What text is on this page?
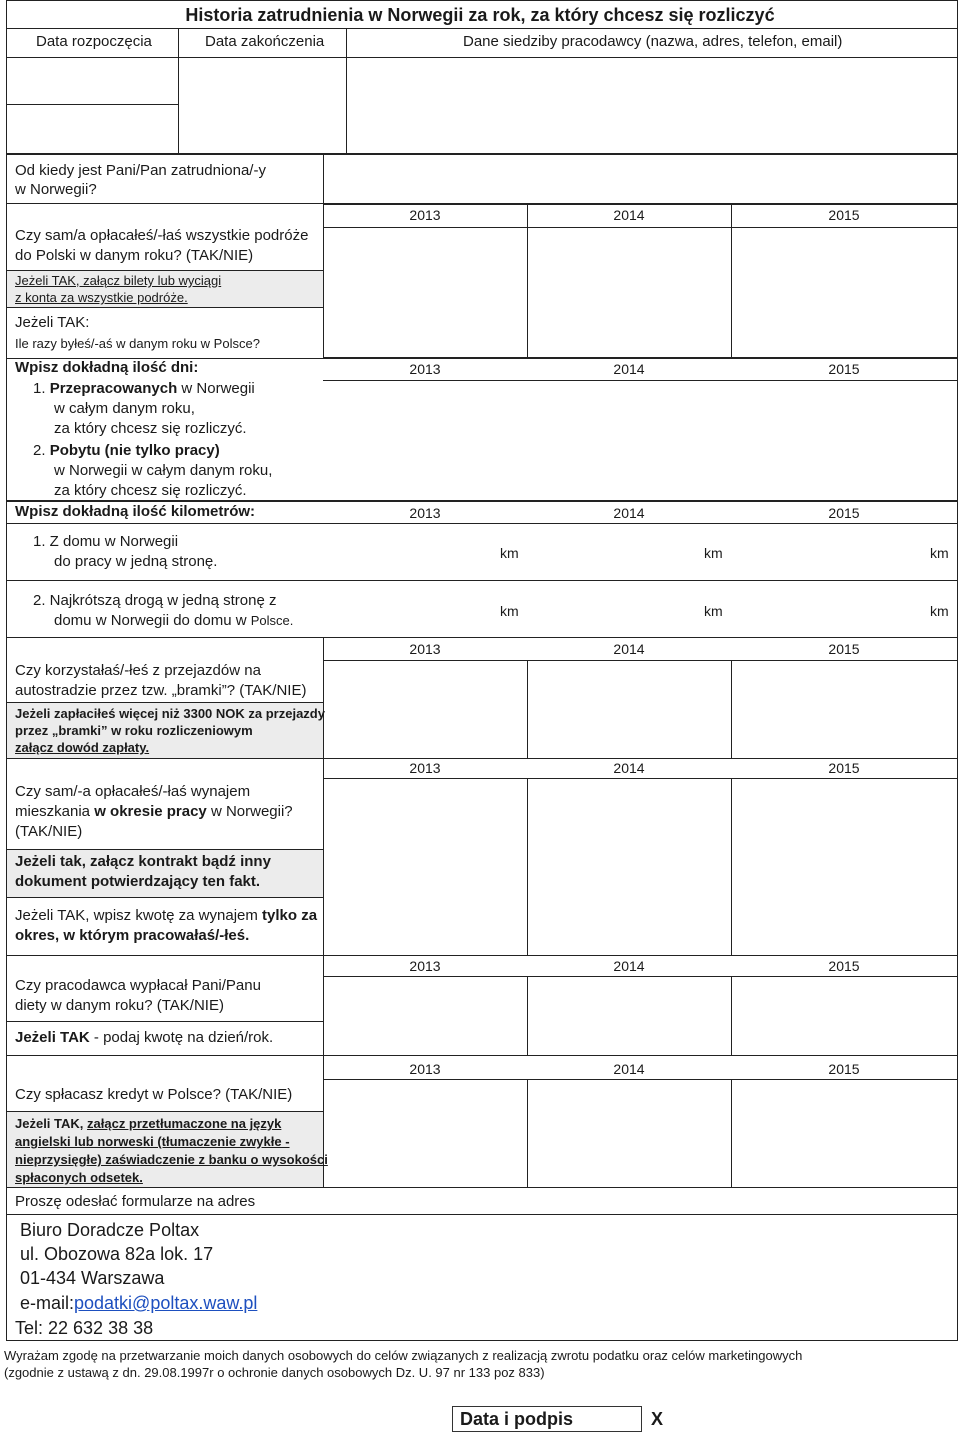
Historia zatrudnienia w Norwegii za rok, za który chcesz się rozliczyć
Data rozpoczęcia	Data zakończenia	Dane siedziby pracodawcy (nazwa, adres, telefon, email)
Od kiedy jest Pani/Pan zatrudniona/-y
w Norwegii?
2013	2014	2015
Czy sam/a opłacałeś/-łaś wszystkie podróże
do Polski w danym roku? (TAK/NIE)
Jeżeli TAK, załącz bilety lub wyciągi
z konta za wszystkie podróże.
Jeżeli TAK:
Ile razy byłeś/-aś w danym roku w Polsce?
Wpisz dokładną ilość dni:	2013	2014	2015
1. Przepracowanych w Norwegii
w całym danym roku,
za który chcesz się rozliczyć.
2. Pobytu (nie tylko pracy)
w Norwegii w całym danym roku,
za który chcesz się rozliczyć.
Wpisz dokładną ilość kilometrów:	2013	2014	2015
1. Z domu w Norwegii
do pracy w jedną stronę.	km	km	km
2. Najkrótszą drogą w jedną stronę z
domu w Norwegii do domu w Polsce.
km	km	km
2013	2014	2015
Czy korzystałaś/-łeś z przejazdów na
autostradzie przez tzw. „bramki”? (TAK/NIE)
Jeżeli zapłaciłeś więcej niż 3300 NOK za przejazdy
przez „bramki” w roku rozliczeniowym
załącz dowód zapłaty.
2013	2014	2015
Czy sam/-a opłacałeś/-łaś wynajem
mieszkania w okresie pracy w Norwegii?
(TAK/NIE)
Jeżeli tak, załącz kontrakt bądź inny
dokument potwierdzający ten fakt.
Jeżeli TAK, wpisz kwotę za wynajem tylko za
okres, w którym pracowałaś/-łeś.
2013	2014	2015
Czy pracodawca wypłacał Pani/Panu
diety w danym roku? (TAK/NIE)
Jeżeli TAK - podaj kwotę na dzień/rok.
2013	2014	2015
Czy spłacasz kredyt w Polsce? (TAK/NIE)
Jeżeli TAK, załącz przetłumaczone na język
angielski lub norweski (tłumaczenie zwykłe -
nieprzysięgłe) zaświadczenie z banku o wysokości
spłaconych odsetek.
Proszę odesłać formularze na adres
Biuro Doradcze Poltax
ul. Obozowa 82a lok. 17
01-434 Warszawa
e-mail:podatki@poltax.waw.pl
Tel: 22 632 38 38
Wyrażam zgodę na przetwarzanie moich danych osobowych do celów związanych z realizacją zwrotu podatku oraz celów marketingowych
(zgodnie z ustawą z dn. 29.08.1997r o ochronie danych osobowych Dz. U. 97 nr 133 poz 833)
Data i podpis	X
